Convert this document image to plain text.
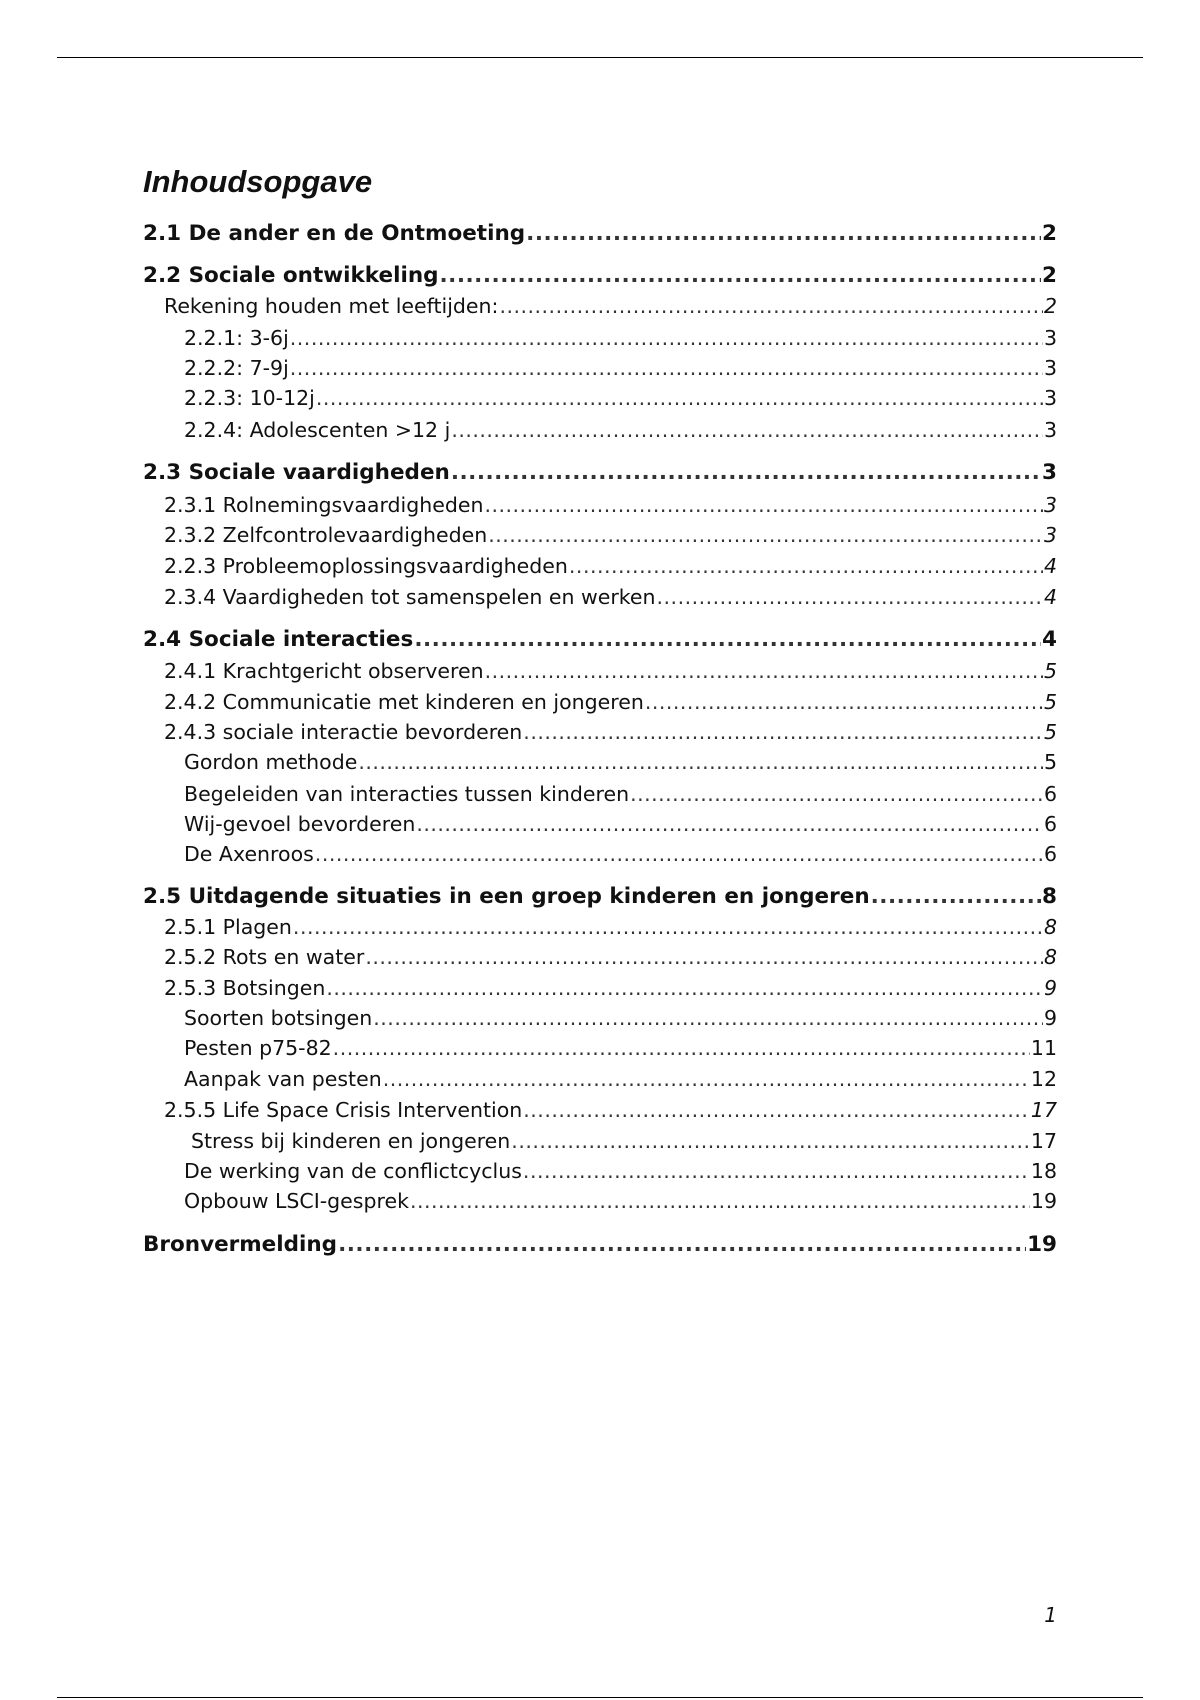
Inhoudsopgave
2.1 De ander en de Ontmoeting .....	2
2.2 Sociale ontwikkeling .....	2
Rekening houden met leeftijden: .....	2
2.2.1: 3-6j .....	3
2.2.2: 7-9j .....	3
2.2.3: 10-12j .....	3
2.2.4: Adolescenten >12 j .....	3
2.3 Sociale vaardigheden .....	3
2.3.1 Rolnemingsvaardigheden .....	3
2.3.2 Zelfcontrolevaardigheden .....	3
2.2.3 Probleemoplossingsvaardigheden .....	4
2.3.4 Vaardigheden tot samenspelen en werken .....	4
2.4 Sociale interacties .....	4
2.4.1 Krachtgericht observeren .....	5
2.4.2 Communicatie met kinderen en jongeren .....	5
2.4.3 sociale interactie bevorderen .....	5
Gordon methode .....	5
Begeleiden van interacties tussen kinderen .....	6
Wij-gevoel bevorderen .....	6
De Axenroos .....	6
2.5 Uitdagende situaties in een groep kinderen en jongeren .....	8
2.5.1 Plagen .....	8
2.5.2 Rots en water .....	8
2.5.3 Botsingen .....	9
Soorten botsingen .....	9
Pesten p75-82 .....	11
Aanpak van pesten .....	12
2.5.5 Life Space Crisis Intervention .....	17
Stress bij kinderen en jongeren .....	17
De werking van de conflictcyclus .....	18
Opbouw LSCI-gesprek .....	19
Bronvermelding .....	19
1
